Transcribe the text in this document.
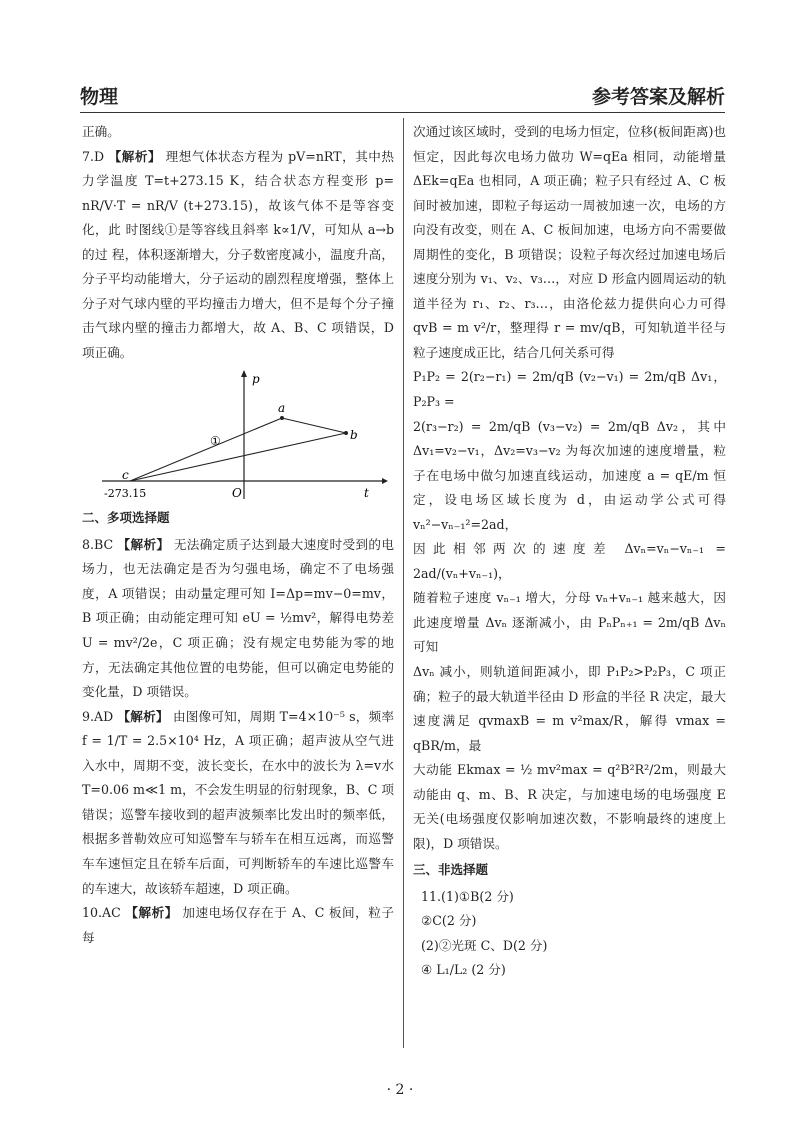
物理	参考答案及解析

正确。

7.D 【解析】 理想气体状态方程为 pV=nRT，其中热力学温度 T=t+273.15 K，结合状态方程变形 p= nR/V·T = nR/V (t+273.15)，故该气体不是等容变化，此 时图线①是等容线且斜率 k∝1/V，可知从 a→b 的过 程，体积逐渐增大，分子数密度减小，温度升高，分子平均动能增大，分子运动的剧烈程度增强，整体上分子对气球内壁的平均撞击力增大，但不是每个分子撞击气球内壁的撞击力都增大，故 A、B、C 项错误，D 项正确。

p
t
O
a
b
c
①
-273.15

二、多项选择题

8.BC 【解析】 无法确定质子达到最大速度时受到的电场力，也无法确定是否为匀强电场，确定不了电场强度，A 项错误；由动量定理可知 I=Δp=mv−0=mv，B 项正确；由动能定理可知 eU = ½mv²，解得电势差 U = mv²/2e，C 项正确；没有规定电势能为零的地方，无法确定其他位置的电势能，但可以确定电势能的变化量，D 项错误。

9.AD 【解析】 由图像可知，周期 T=4×10⁻⁵ s，频率 f = 1/T = 2.5×10⁴ Hz，A 项正确；超声波从空气进入水中，周期不变，波长变长，在水中的波长为 λ=v水T=0.06 m≪1 m，不会发生明显的衍射现象，B、C 项错误；巡警车接收到的超声波频率比发出时的频率低，根据多普勒效应可知巡警车与轿车在相互远离，而巡警车车速恒定且在轿车后面，可判断轿车的车速比巡警车的车速大，故该轿车超速，D 项正确。

10.AC 【解析】 加速电场仅存在于 A、C 板间，粒子每

次通过该区域时，受到的电场力恒定，位移(板间距离)也恒定，因此每次电场力做功 W=qEa 相同，动能增量 ΔEk=qEa 也相同，A 项正确；粒子只有经过 A、C 板间时被加速，即粒子每运动一周被加速一次，电场的方向没有改变，则在 A、C 板间加速，电场方向不需要做周期性的变化，B 项错误；设粒子每次经过加速电场后速度分别为 v₁、v₂、v₃…，对应 D 形盒内圆周运动的轨道半径为 r₁、r₂、r₃…，由洛伦兹力提供向心力可得 qvB = m v²/r，整理得 r = mv/qB，可知轨道半径与粒子速度成正比，结合几何关系可得

P₁P₂ = 2(r₂−r₁) = 2m/qB (v₂−v₁) = 2m/qB Δv₁，P₂P₃ =

2(r₃−r₂) = 2m/qB (v₃−v₂) = 2m/qB Δv₂，其中 Δv₁=v₂−v₁，Δv₂=v₃−v₂ 为每次加速的速度增量，粒子在电场中做匀加速直线运动，加速度 a = qE/m 恒定，设电场区域长度为 d，由运动学公式可得 vₙ²−vₙ₋₁²=2ad，

因此相邻两次的速度差 Δvₙ=vₙ−vₙ₋₁ = 2ad/(vₙ+vₙ₋₁)，

随着粒子速度 vₙ₋₁ 增大，分母 vₙ+vₙ₋₁ 越来越大，因此速度增量 Δvₙ 逐渐减小，由 PₙPₙ₊₁ = 2m/qB Δvₙ 可知

Δvₙ 减小，则轨道间距减小，即 P₁P₂>P₂P₃，C 项正确；粒子的最大轨道半径由 D 形盒的半径 R 决定，最大速度满足 qvmaxB = m v²max/R，解得 vmax = qBR/m，最

大动能 Ekmax = ½ mv²max = q²B²R²/2m，则最大动能由 q、m、B、R 决定，与加速电场的电场强度 E 无关(电场强度仅影响加速次数，不影响最终的速度上限)，D 项错误。

三、非选择题

11.(1)①B(2 分)

②C(2 分)

(2)②光斑 C、D(2 分)

④ L₁/L₂ (2 分)

· 2 ·
